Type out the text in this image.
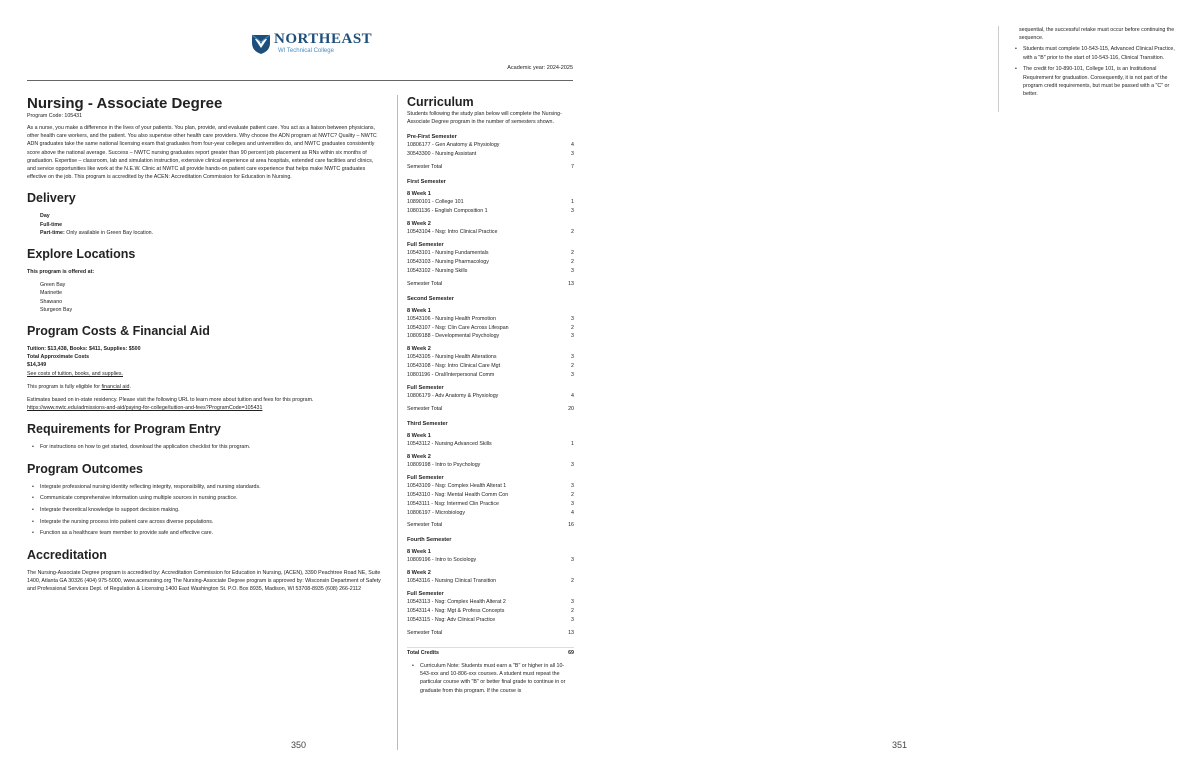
NORTHEAST
WI Technical College
Academic year: 2024-2025
Nursing - Associate Degree
Program Code: 105431

As a nurse, you make a difference in the lives of your patients. You plan, provide, and evaluate patient care. You act as a liaison between physicians, other health care workers, and the patient. You also supervise other health care providers. Why choose the ADN program at NWTC? Quality – NWTC ADN graduates take the same national licensing exam that graduates from four-year colleges and universities do, and NWTC graduates consistently score above the national average. Success – NWTC nursing graduates report greater than 90 percent job placement as RNs within six months of graduation. Expertise – classroom, lab and simulation instruction, extensive clinical experience at area hospitals, extended care facilities and clinics, and service opportunities like work at the N.E.W. Clinic at NWTC all provide hands-on patient care experience that helps make NWTC graduates effective on the job. This program is accredited by the ACEN: Accreditation Commission for Education in Nursing.

Delivery
Day
Full-time
Part-time: Only available in Green Bay location.
Explore Locations

This program is offered at:

Green Bay
Marinette
Shawano
Sturgeon Bay
Program Costs & Financial Aid

Tuition: $13,438, Books: $411, Supplies: $500

Total Approximate Costs

$14,349

See costs of tuition, books, and supplies.

This program is fully eligible for financial aid.

Estimates based on in-state residency. Please visit the following URL to learn more about tuition and fees for this program.

https://www.nwtc.edu/admissions-and-aid/paying-for-college/tuition-and-fees?ProgramCode=105431

Requirements for Program Entry
• For instructions on how to get started, download the application checklist for this program.
Program Outcomes
• Integrate professional nursing identity reflecting integrity, responsibility, and nursing standards.
• Communicate comprehensive information using multiple sources in nursing practice.
• Integrate theoretical knowledge to support decision making.
• Integrate the nursing process into patient care across diverse populations.
• Function as a healthcare team member to provide safe and effective care.
Accreditation

The Nursing-Associate Degree program is accredited by: Accreditation Commission for Education in Nursing, (ACEN), 3390 Peachtree Road NE, Suite 1400, Atlanta GA 30326 (404) 975-5000, www.acenursing.org The Nursing-Associate Degree program is approved by: Wisconsin Department of Safety and Professional Services Dept. of Regulation & Licensing 1400 East Washington St. P.O. Box 8935, Madison, WI 53708-8935 (608) 266-2112

Curriculum
Students following the study plan below will complete the Nursing-Associate Degree program in the number of semesters shown.
Pre-First Semester
10806177 - Gen Anatomy & Physiology	4
30543300 - Nursing Assistant	3
Semester Total	7
First Semester
8 Week 1
10890101 - College 101	1
10801136 - English Composition 1	3
8 Week 2
10543104 - Nsg: Intro Clinical Practice	2
Full Semester
10543101 - Nursing Fundamentals	2
10543103 - Nursing Pharmacology	2
10543102 - Nursing Skills	3
Semester Total	13
Second Semester
8 Week 1
10543106 - Nursing Health Promotion	3
10543107 - Nsg: Clin Care Across Lifespan	2
10809188 - Developmental Psychology	3
8 Week 2
10543105 - Nursing Health Alterations	3
10543108 - Nsg: Intro Clinical Care Mgt	2
10801196 - Oral/Interpersonal Comm	3
Full Semester
10806179 - Adv Anatomy & Physiology	4
Semester Total	20
Third Semester
8 Week 1
10543112 - Nursing Advanced Skills	1
8 Week 2
10809198 - Intro to Psychology	3
Full Semester
10543109 - Nsg: Complex Health Alterat 1	3
10543110 - Nsg: Mental Health Comm Con	2
10543111 - Nsg: Intermed Clin Practice	3
10806197 - Microbiology	4
Semester Total	16
Fourth Semester
8 Week 1
10809196 - Intro to Sociology	3
8 Week 2
10543116 - Nursing Clinical Transition	2
Full Semester
10543113 - Nsg: Complex Health Alterat 2	3
10543114 - Nsg: Mgt & Profess Concepts	2
10543115 - Nsg: Adv Clinical Practice	3
Semester Total	13
Total Credits	69
• Curriculum Note: Students must earn a "B" or higher in all 10-543-xxx and 10-806-xxx courses. A student must repeat the particular course with "B" or better final grade to continue in or graduate from this program. If the course is
350
sequential, the successful retake must occur before continuing the sequence.
• Students must complete 10-543-115, Advanced Clinical Practice, with a "B" prior to the start of 10-543-116, Clinical Transition.
• The credit for 10-890-101, College 101, is an Institutional Requirement for graduation. Consequently, it is not part of the program credit requirements, but must be passed with a "C" or better.
351
